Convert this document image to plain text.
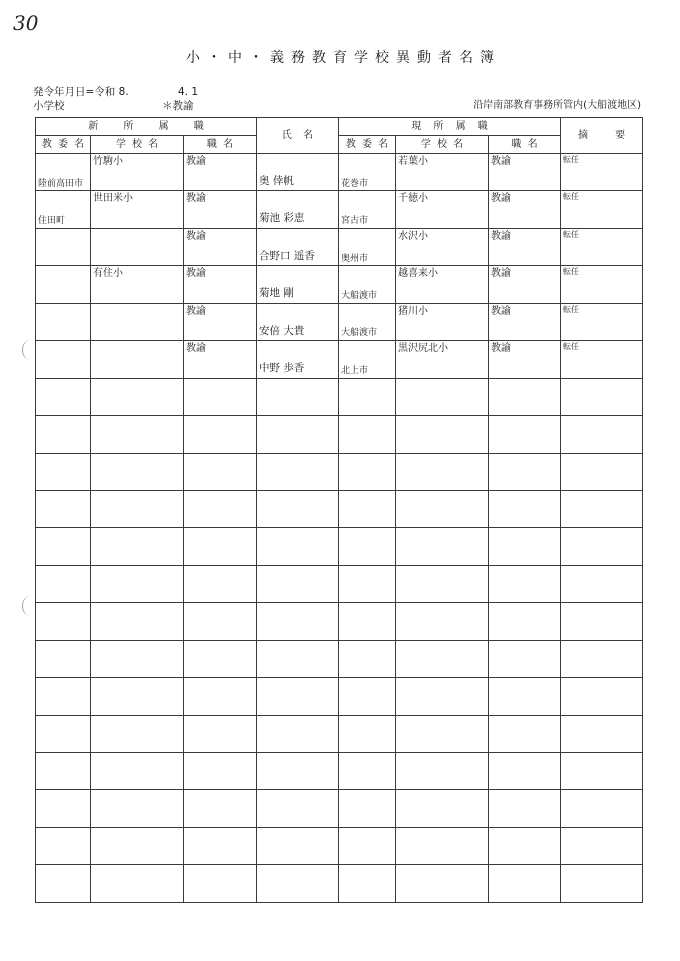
30
小・中・義務教育学校異動者名簿
発令年月日=令和 8.	4. 1
小学校	＊教諭	沿岸南部教育事務所管内(大船渡地区)
新 所 属 職			氏 名	現 所 属 職			摘 要
教 委 名	学 校 名	職 名		教 委 名	学 校 名	職 名	
陸前高田市	竹駒小	教諭	奥 倖帆	花巻市	若葉小	教諭	転任
住田町	世田米小	教諭	菊池 彩恵	宮古市	千徳小	教諭	転任
		教諭	合野口 遥香	奥州市	水沢小	教諭	転任
	有住小	教諭	菊地 剛	大船渡市	越喜来小	教諭	転任
		教諭	安倍 大貴	大船渡市	猪川小	教諭	転任
		教諭	中野 歩香	北上市	黒沢尻北小	教諭	転任
